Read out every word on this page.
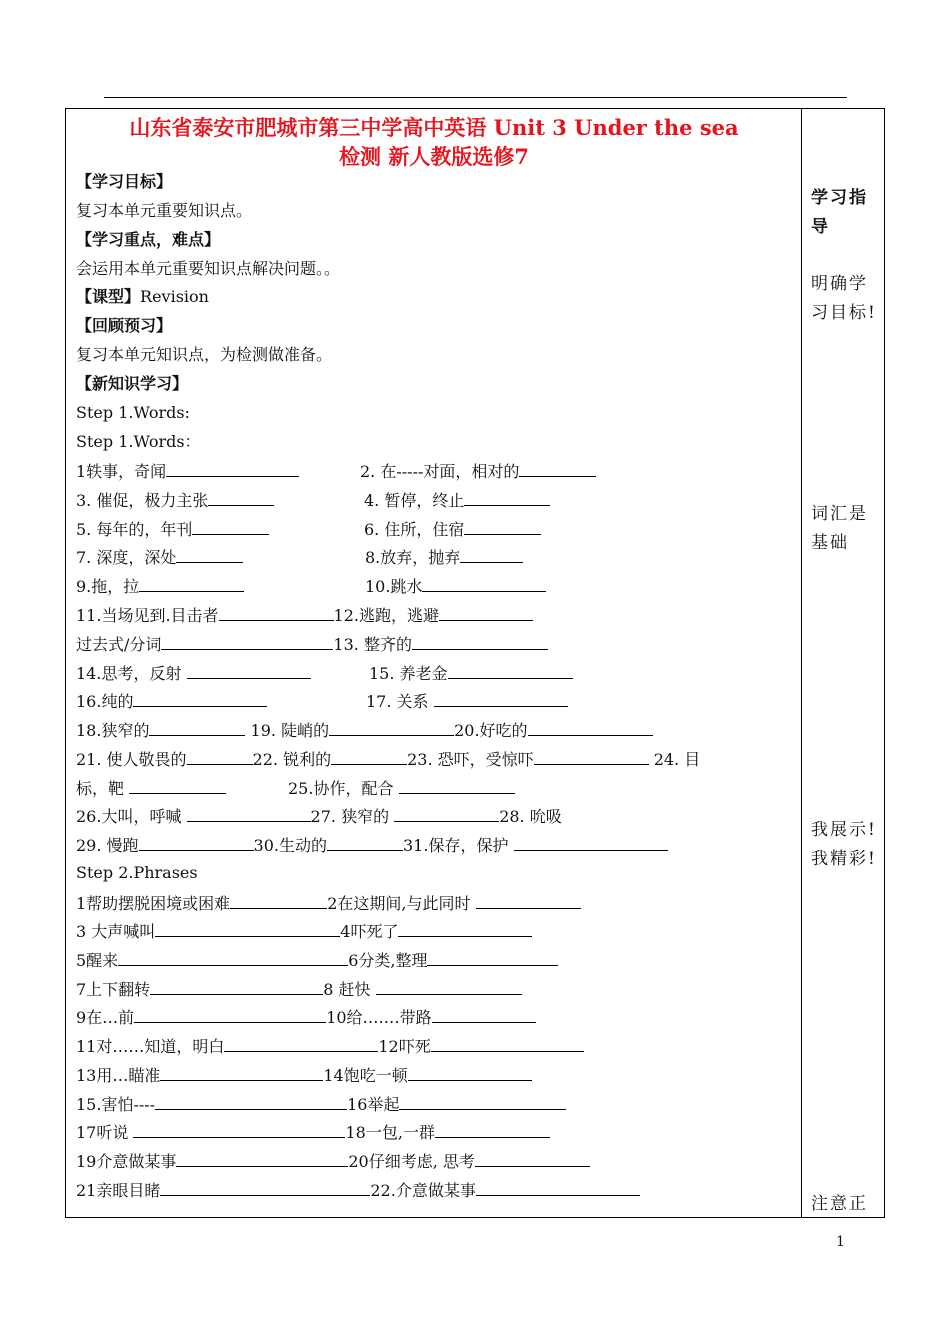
山东省泰安市肥城市第三中学高中英语 Unit 3 Under the sea
检测 新人教版选修7
【学习目标】
复习本单元重要知识点。
【学习重点，难点】
会运用本单元重要知识点解决问题。。
【课型】Revision
【回顾预习】
复习本单元知识点，为检测做准备。
【新知识学习】
Step 1.Words:
Step 1.Words：
1轶事，奇闻	2. 在-----对面，相对的
3. 催促，极力主张	4. 暂停，终止
5. 每年的，年刊	6. 住所，住宿
7. 深度，深处	8.放弃，抛弃
9.拖，拉	10.跳水
11.当场见到.目击者	12.逃跑，逃避
过去式/分词	13. 整齐的
14.思考，反射	15. 养老金
16.纯的	17. 关系
18.狭窄的	19. 陡峭的	20.好吃的
21. 使人敬畏的	22. 锐利的	23. 恐吓，受惊吓	24. 目
标，靶	25.协作，配合
26.大叫，呼喊	27. 狭窄的	28. 吮吸
29. 慢跑	30.生动的	31.保存，保护
Step 2.Phrases
1帮助摆脱困境或困难	2在这期间,与此同时
3 大声喊叫	4吓死了
5醒来	6分类,整理
7上下翻转	8 赶快
9在…前	10给….…带路
11对……知道，明白	12吓死
13用…瞄准	14饱吃一顿
15.害怕----	16举起
17听说	18一包,一群
19介意做某事	20仔细考虑, 思考
21亲眼目睹	22.介意做某事
学习指导
明确学习目标!
词汇是基础
我展示!我精彩!
注意正
1
